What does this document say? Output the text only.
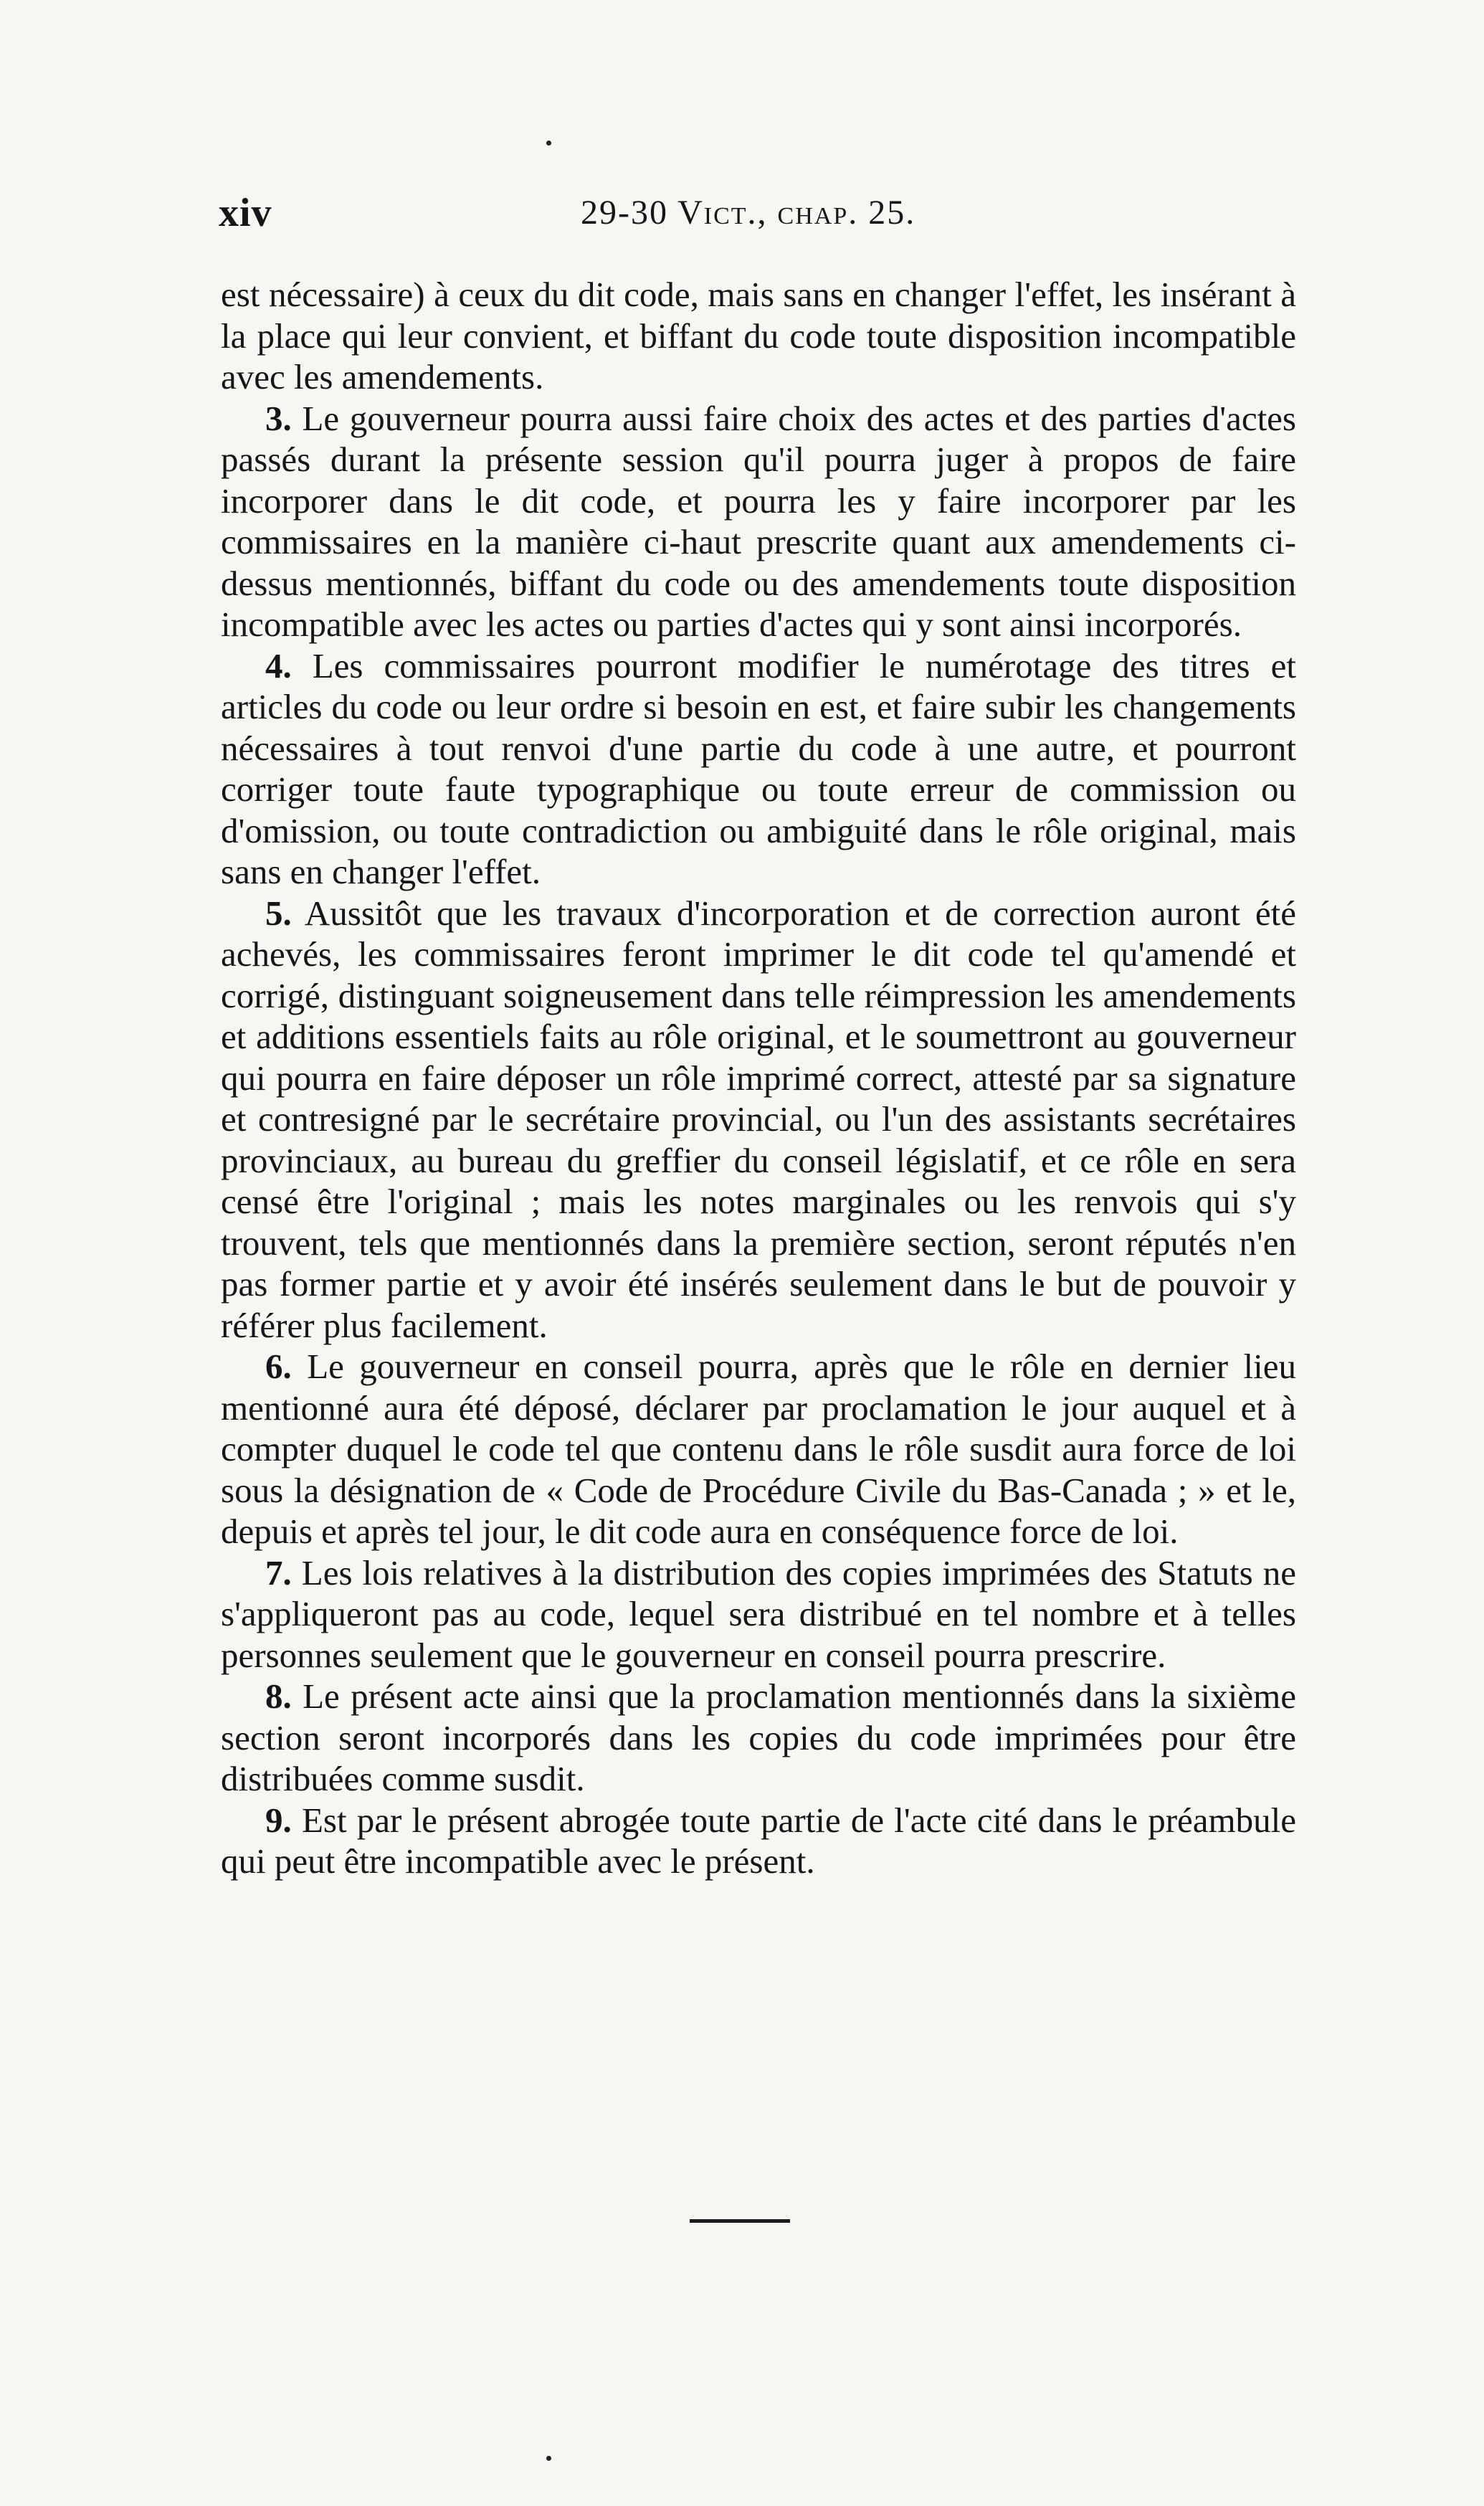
xiv	29-30 Vict., chap. 25.

est nécessaire) à ceux du dit code, mais sans en changer l'effet, les insérant à la place qui leur convient, et biffant du code toute disposition incompatible avec les amendements.

3. Le gouverneur pourra aussi faire choix des actes et des parties d'actes passés durant la présente session qu'il pourra juger à propos de faire incorporer dans le dit code, et pourra les y faire incorporer par les commissaires en la manière ci-haut prescrite quant aux amendements ci-dessus mentionnés, biffant du code ou des amendements toute disposition incompatible avec les actes ou parties d'actes qui y sont ainsi incorporés.

4. Les commissaires pourront modifier le numérotage des titres et articles du code ou leur ordre si besoin en est, et faire subir les changements nécessaires à tout renvoi d'une partie du code à une autre, et pourront corriger toute faute typographique ou toute erreur de commission ou d'omission, ou toute contradiction ou ambiguité dans le rôle original, mais sans en changer l'effet.

5. Aussitôt que les travaux d'incorporation et de correction auront été achevés, les commissaires feront imprimer le dit code tel qu'amendé et corrigé, distinguant soigneusement dans telle réimpression les amendements et additions essentiels faits au rôle original, et le soumettront au gouverneur qui pourra en faire déposer un rôle imprimé correct, attesté par sa signature et contresigné par le secrétaire provincial, ou l'un des assistants secrétaires provinciaux, au bureau du greffier du conseil législatif, et ce rôle en sera censé être l'original ; mais les notes marginales ou les renvois qui s'y trouvent, tels que mentionnés dans la première section, seront réputés n'en pas former partie et y avoir été insérés seulement dans le but de pouvoir y référer plus facilement.

6. Le gouverneur en conseil pourra, après que le rôle en dernier lieu mentionné aura été déposé, déclarer par proclamation le jour auquel et à compter duquel le code tel que contenu dans le rôle susdit aura force de loi sous la désignation de « Code de Procédure Civile du Bas-Canada ; » et le, depuis et après tel jour, le dit code aura en conséquence force de loi.

7. Les lois relatives à la distribution des copies imprimées des Statuts ne s'appliqueront pas au code, lequel sera distribué en tel nombre et à telles personnes seulement que le gouverneur en conseil pourra prescrire.

8. Le présent acte ainsi que la proclamation mentionnés dans la sixième section seront incorporés dans les copies du code imprimées pour être distribuées comme susdit.

9. Est par le présent abrogée toute partie de l'acte cité dans le préambule qui peut être incompatible avec le présent.
